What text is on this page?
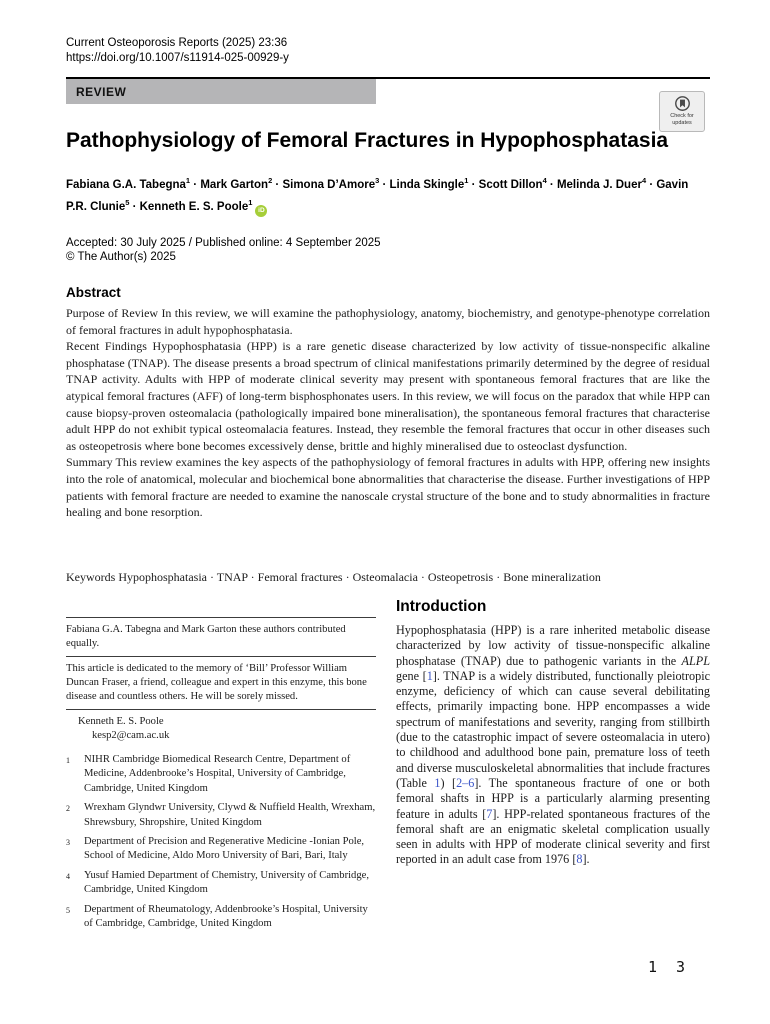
Current Osteoporosis Reports (2025) 23:36
https://doi.org/10.1007/s11914-025-00929-y
REVIEW
Check for
updates
Pathophysiology of Femoral Fractures in Hypophosphatasia
Fabiana G.A. Tabegna$^1$ · Mark Garton$^2$ · Simona D’Amore$^3$ · Linda Skingle$^1$ · Scott Dillon$^4$ · Melinda J. Duer$^4$ · Gavin P.R. Clunie$^5$ · Kenneth E. S. Poole$^1$iD
Accepted: 30 July 2025 / Published online: 4 September 2025
© The Author(s) 2025
Abstract

Purpose of Review In this review, we will examine the pathophysiology, anatomy, biochemistry, and genotype-phenotype correlation of femoral fractures in adult hypophosphatasia.

Recent Findings Hypophosphatasia (HPP) is a rare genetic disease characterized by low activity of tissue-nonspecific alkaline phosphatase (TNAP). The disease presents a broad spectrum of clinical manifestations primarily determined by the degree of residual TNAP activity. Adults with HPP of moderate clinical severity may present with spontaneous femoral fractures that are like the atypical femoral fractures (AFF) of long-term bisphosphonates users. In this review, we will focus on the paradox that while HPP can cause biopsy-proven osteomalacia (pathologically impaired bone mineralisation), the spontaneous femoral fractures that characterise adult HPP do not exhibit typical osteomalacia features. Instead, they resemble the femoral fractures that occur in other diseases such as osteopetrosis where bone becomes excessively dense, brittle and highly mineralised due to osteoclast dysfunction.

Summary This review examines the key aspects of the pathophysiology of femoral fractures in adults with HPP, offering new insights into the role of anatomical, molecular and biochemical bone abnormalities that characterise the disease. Further investigations of HPP patients with femoral fracture are needed to examine the nanoscale crystal structure of the bone and to study abnormalities in fracture healing and bone resorption.

Keywords Hypophosphatasia · TNAP · Femoral fractures · Osteomalacia · Osteopetrosis · Bone mineralization

Fabiana G.A. Tabegna and Mark Garton these authors contributed equally.

This article is dedicated to the memory of ‘Bill’ Professor William Duncan Fraser, a friend, colleague and expert in this enzyme, this bone disease and countless others. He will be sorely missed.

Kenneth E. S. Poole
kesp2@cam.ac.uk
1	NIHR Cambridge Biomedical Research Centre, Department of Medicine, Addenbrooke’s Hospital, University of Cambridge, Cambridge, United Kingdom
2	Wrexham Glyndwr University, Clywd & Nuffield Health, Wrexham, Shrewsbury, Shropshire, United Kingdom
3	Department of Precision and Regenerative Medicine -Ionian Pole, School of Medicine, Aldo Moro University of Bari, Bari, Italy
4	Yusuf Hamied Department of Chemistry, University of Cambridge, Cambridge, United Kingdom
5	Department of Rheumatology, Addenbrooke’s Hospital, University of Cambridge, Cambridge, United Kingdom
Introduction
Hypophosphatasia (HPP) is a rare inherited metabolic disease characterized by low activity of tissue-nonspecific alkaline phosphatase (TNAP) due to pathogenic variants in the ALPL gene [1]. TNAP is a widely distributed, functionally pleiotropic enzyme, deficiency of which can cause several debilitating effects, primarily impacting bone. HPP encompasses a wide spectrum of manifestations and severity, ranging from stillbirth (due to the catastrophic impact of severe osteomalacia in utero) to childhood and adulthood bone pain, premature loss of teeth and diverse musculoskeletal abnormalities that include fractures (Table 1) [2–6]. The spontaneous fracture of one or both femoral shafts in HPP is a particularly alarming presenting feature in adults [7]. HPP-related spontaneous fractures of the femoral shaft are an enigmatic skeletal complication usually seen in adults with HPP of moderate clinical severity and first reported in an adult case from 1976 [8].
1 3
